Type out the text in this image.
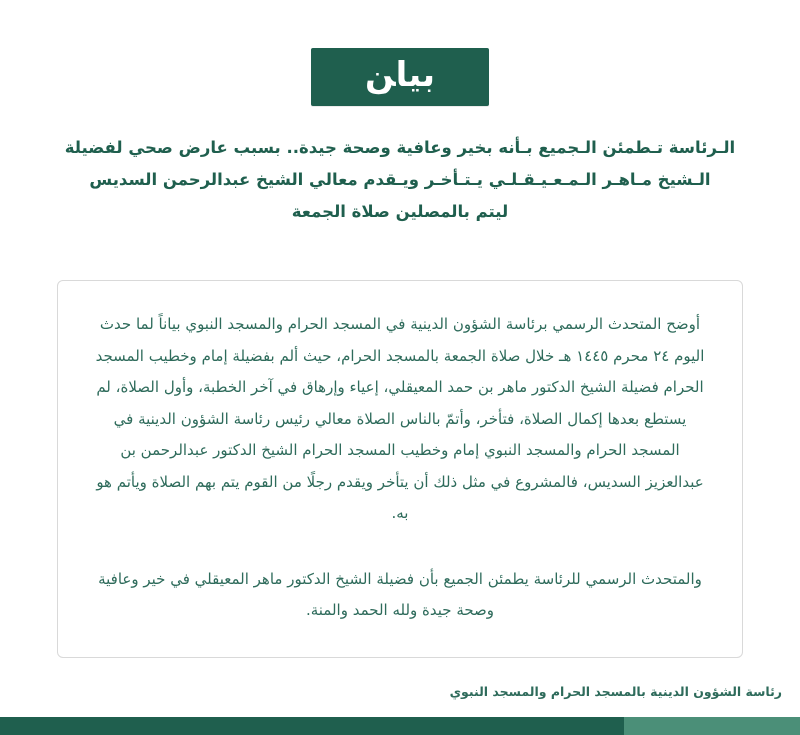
ب‍ي‍ا‍ن
الـرئاسة تـطمئن الـجميع بـأنه بخير وعافية وصحة جيدة.. بسبب عارض صحي لفضيلة
الـشيخ مـاهـر الـمـعـيـقـلـي يـتـأخـر ويـقدم معالي الشيخ عبدالرحمن السديس
ليتم بالمصلين صلاة الجمعة

أوضح المتحدث الرسمي برئاسة الشؤون الدينية في المسجد الحرام والمسجد النبوي بياناً لما حدث اليوم ٢٤ محرم ١٤٤٥ هـ خلال صلاة الجمعة بالمسجد الحرام، حيث ألم بفضيلة إمام وخطيب المسجد الحرام فضيلة الشيخ الدكتور ماهر بن حمد المعيقلي، إعياء وإرهاق في آخر الخطبة، وأول الصلاة، لم يستطع بعدها إكمال الصلاة، فتأخر، وأتمّ بالناس الصلاة معالي رئيس رئاسة الشؤون الدينية في المسجد الحرام والمسجد النبوي إمام وخطيب المسجد الحرام الشيخ الدكتور عبدالرحمن بن عبدالعزيز السديس، فالمشروع في مثل ذلك أن يتأخر ويقدم رجلًا من القوم يتم بهم الصلاة ويأتم هو به.

والمتحدث الرسمي للرئاسة يطمئن الجميع بأن فضيلة الشيخ الدكتور ماهر المعيقلي في خير وعافية وصحة جيدة ولله الحمد والمنة.

رئاسة الشؤون الدينية بالمسجد الحرام والمسجد النبوي
